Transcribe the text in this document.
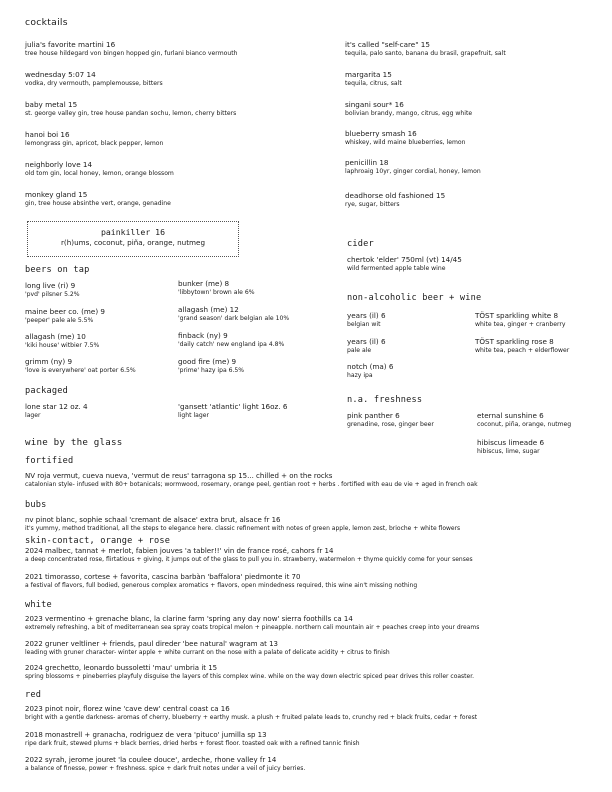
cocktails
julia's favorite martini 16
tree house hildegard von bingen hopped gin, furlani bianco vermouth
wednesday 5:07 14
vodka, dry vermouth, pamplemousse, bitters
baby metal 15
st. george valley gin, tree house pandan sochu, lemon, cherry bitters
hanoi boi 16
lemongrass gin, apricot, black pepper, lemon
neighborly love 14
old tom gin, local honey, lemon, orange blossom
monkey gland 15
gin, tree house absinthe vert, orange, genadine
it's called "self-care" 15
tequila, palo santo, banana du brasil, grapefruit, salt
margarita 15
tequila, citrus, salt
singani sour* 16
bolivian brandy, mango, citrus, egg white
blueberry smash 16
whiskey, wild maine blueberries, lemon
penicillin 18
laphroaig 10yr, ginger cordial, honey, lemon
deadhorse old fashioned 15
rye, sugar, bitters
painkiller 16
r(h)ums, coconut, piña, orange, nutmeg
beers on tap
long live (ri) 9
'pvd' pilsner 5.2%
maine beer co. (me) 9
'peeper' pale ale 5.5%
allagash (me) 10
'kiki house' witbier 7.5%
grimm (ny) 9
'love is everywhere' oat porter 6.5%
bunker (me) 8
'libbytown' brown ale 6%
allagash (me) 12
'grand season' dark belgian ale 10%
finback (ny) 9
'daily catch' new england ipa 4.8%
good fire (me) 9
'prime' hazy ipa 6.5%
packaged
lone star 12 oz. 4
lager
'gansett 'atlantic' light 16oz. 6
light lager
cider
chertok 'elder' 750ml (vt) 14/45
wild fermented apple table wine
non-alcoholic beer + wine
years (il) 6
belgian wit
years (il) 6
pale ale
notch (ma) 6
hazy ipa
TÖST sparkling white 8
white tea, ginger + cranberry
TÖST sparkling rose 8
white tea, peach + elderflower
n.a. freshness
pink panther 6
grenadine, rose, ginger beer
eternal sunshine 6
coconut, piña, orange, nutmeg
hibiscus limeade 6
hibiscus, lime, sugar
wine by the glass
fortified
NV roja vermut, cueva nueva, 'vermut de reus' tarragona sp 15... chilled + on the rocks
catalonian style- infused with 80+ botanicals; wormwood, rosemary, orange peel, gentian root + herbs . fortified with eau de vie + aged in french oak
bubs
nv pinot blanc, sophie schaal 'cremant de alsace' extra brut, alsace fr 16
it's yummy, method traditional, all the steps to elegance here. classic refinement with notes of green apple, lemon zest, brioche + white flowers
skin-contact, orange + rose
2024 malbec, tannat + merlot, fabien jouves 'a tabler!!' vin de france rosé, cahors fr 14
a deep concentrated rose, flirtatious + giving, it jumps out of the glass to pull you in. strawberry, watermelon + thyme quickly come for your senses
2021 timorasso, cortese + favorita, cascina barbàn 'baffalora' piedmonte it 70
a festival of flavors, full bodied, generous complex aromatics + flavors, open mindedness required, this wine ain't missing nothing
white
2023 vermentino + grenache blanc, la clarine farm 'spring any day now' sierra foothills ca 14
extremely refreshing, a bit of mediterranean sea spray coats tropical melon + pineapple. northern cali mountain air + peaches creep into your dreams
2022 gruner veltliner + friends, paul direder 'bee natural' wagram at 13
leading with gruner character- winter apple + white currant on the nose with a palate of delicate acidity + citrus to finish
2024 grechetto, leonardo bussoletti 'mau' umbria it 15
spring blossoms + pineberries playfuly disguise the layers of this complex wine. while on the way down electric spiced pear drives this roller coaster.
red
2023 pinot noir, florez wine 'cave dew' central coast ca 16
bright with a gentle darkness- aromas of cherry, blueberry + earthy musk. a plush + fruited palate leads to, crunchy red + black fruits, cedar + forest
2018 monastrell + granacha, rodriguez de vera 'pituco' jumilla sp 13
ripe dark fruit, stewed plums + black berries, dried herbs + forest floor. toasted oak with a refined tannic finish
2022 syrah, jerome jouret 'la coulee douce', ardeche, rhone valley fr 14
a balance of finesse, power + freshness. spice + dark fruit notes under a veil of juicy berries.
